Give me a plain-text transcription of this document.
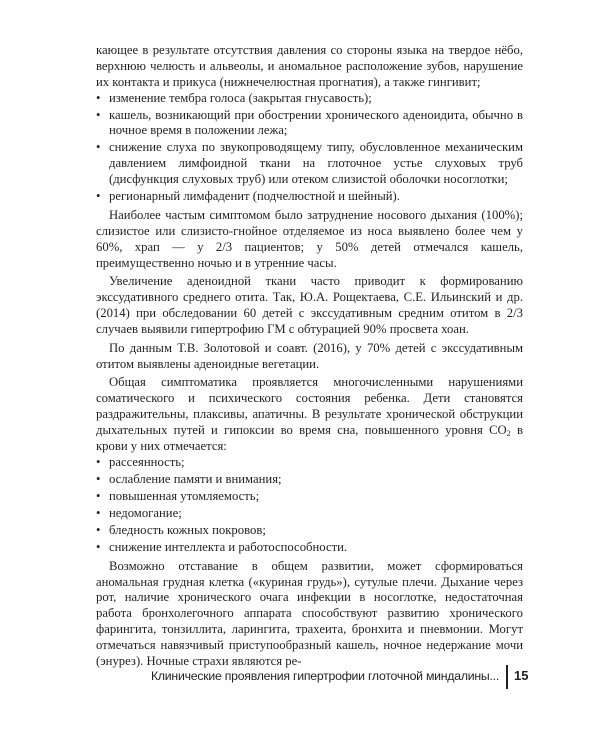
кающее в результате отсутствия давления со стороны языка на твердое нёбо, верхнюю челюсть и альвеолы, и аномальное расположение зубов, нарушение их контакта и прикуса (нижнечелюстная прогнатия), а также гингивит;

• изменение тембра голоса (закрытая гнусавость);
• кашель, возникающий при обострении хронического аденоидита, обычно в ночное время в положении лежа;
• снижение слуха по звукопроводящему типу, обусловленное механическим давлением лимфоидной ткани на глоточное устье слуховых труб (дисфункция слуховых труб) или отеком слизистой оболочки носоглотки;
• регионарный лимфаденит (подчелюстной и шейный).

Наиболее частым симптомом было затруднение носового дыхания (100%); слизистое или слизисто-гнойное отделяемое из носа выявлено более чем у 60%, храп — у 2/3 пациентов; у 50% детей отмечался кашель, преимущественно ночью и в утренние часы.

Увеличение аденоидной ткани часто приводит к формированию экссудативного среднего отита. Так, Ю.А. Рощектаева, С.Е. Ильинский и др. (2014) при обследовании 60 детей с экссудативным средним отитом в 2/3 случаев выявили гипертрофию ГМ с обтурацией 90% просвета хоан.

По данным Т.В. Золотовой и соавт. (2016), у 70% детей с экссудативным отитом выявлены аденоидные вегетации.

Общая симптоматика проявляется многочисленными нарушениями соматического и психического состояния ребенка. Дети становятся раздражительны, плаксивы, апатичны. В результате хронической обструкции дыхательных путей и гипоксии во время сна, повышенного уровня $CO_2$ в крови у них отмечается:

• рассеянность;
• ослабление памяти и внимания;
• повышенная утомляемость;
• недомогание;
• бледность кожных покровов;
• снижение интеллекта и работоспособности.

Возможно отставание в общем развитии, может сформироваться аномальная грудная клетка («куриная грудь»), сутулые плечи. Дыхание через рот, наличие хронического очага инфекции в носоглотке, недостаточная работа бронхолегочного аппарата способствуют развитию хронического фарингита, тонзиллита, ларингита, трахеита, бронхита и пневмонии. Могут отмечаться навязчивый приступообразный кашель, ночное недержание мочи (энурез). Ночные страхи являются ре-

Клинические проявления гипертрофии глоточной миндалины... 15
